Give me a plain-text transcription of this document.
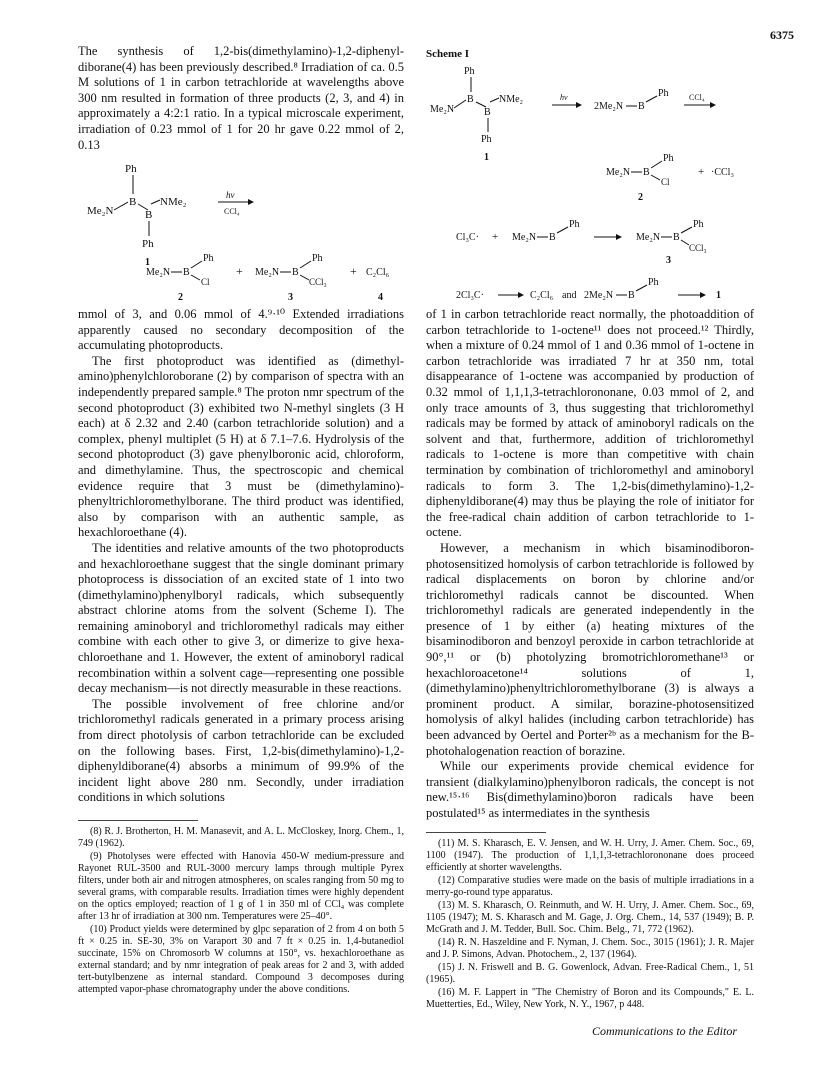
6375

The synthesis of 1,2-bis(dimethylamino)-1,2-diphenyldiborane(4) has been previously described.⁸ Irradiation of ca. 0.5 M solutions of 1 in carbon tetrachloride at wavelengths above 300 nm resulted in formation of three products (2, 3, and 4) in approximately a 4:2:1 ratio. In a typical microscale experiment, irradiation of 0.23 mmol of 1 for 20 hr gave 0.22 mmol of 2, 0.13

Ph
B NMe₂
Me₂N	B
Ph
1
hν
CCl₄
Me₂N B
Ph
Cl
2
+ Me₂N B
Ph
CCl₃
3
+ C₂Cl₆
4

mmol of 3, and 0.06 mmol of 4.⁹·¹⁰ Extended irradiations apparently caused no secondary decomposition of the accumulating photoproducts.

The first photoproduct was identified as (dimethylamino)phenylchloroborane (2) by comparison of spectra with an independently prepared sample.⁸ The proton nmr spectrum of the second photoproduct (3) exhibited two N-methyl singlets (3 H each) at δ 2.32 and 2.40 (carbon tetrachloride solution) and a complex, phenyl multiplet (5 H) at δ 7.1–7.6. Hydrolysis of the second photoproduct (3) gave phenylboronic acid, chloroform, and dimethylamine. Thus, the spectroscopic and chemical evidence require that 3 must be (dimethylamino)phenyltrichloromethylborane. The third product was identified, also by comparison with an authentic sample, as hexachloroethane (4).

The identities and relative amounts of the two photoproducts and hexachloroethane suggest that the single dominant primary photoprocess is dissociation of an excited state of 1 into two (dimethylamino)phenylboryl radicals, which subsequently abstract chlorine atoms from the solvent (Scheme I). The remaining aminoboryl and trichloromethyl radicals may either combine with each other to give 3, or dimerize to give hexachloroethane and 1. However, the extent of aminoboryl radical recombination within a solvent cage—representing one possible decay mechanism—is not directly measurable in these reactions.

The possible involvement of free chlorine and/or trichloromethyl radicals generated in a primary process arising from direct photolysis of carbon tetrachloride can be excluded on the following bases. First, 1,2-bis(dimethylamino)-1,2-diphenyldiborane(4) absorbs a minimum of 99.9% of the incident light above 280 nm. Secondly, under irradiation conditions in which solutions

Scheme I
Ph
B	NMe₂
Me₂N	B
Ph
1
hν
2Me₂N B
Ph	CCl₄
Me₂N B
Ph
Cl
2
+ ·CCl₃
Cl₃C· + Me₂N B
Ph
Me₂N B
Ph
CCl₃
3
2Cl₃C·	C₂Cl₆ and 2Me₂N B
Ph
1

of 1 in carbon tetrachloride react normally, the photoaddition of carbon tetrachloride to 1-octene¹¹ does not proceed.¹² Thirdly, when a mixture of 0.24 mmol of 1 and 0.36 mmol of 1-octene in carbon tetrachloride was irradiated 7 hr at 350 nm, total disappearance of 1-octene was accompanied by production of 0.32 mmol of 1,1,1,3-tetrachlorononane, 0.03 mmol of 2, and only trace amounts of 3, thus suggesting that trichloromethyl radicals may be formed by attack of aminoboryl radicals on the solvent and that, furthermore, addition of trichloromethyl radicals to 1-octene is more than competitive with chain termination by combination of trichloromethyl and aminoboryl radicals to form 3. The 1,2-bis(dimethylamino)-1,2-diphenyldiborane(4) may thus be playing the role of initiator for the free-radical chain addition of carbon tetrachloride to 1-octene.

However, a mechanism in which bisaminodiboron-photosensitized homolysis of carbon tetrachloride is followed by radical displacements on boron by chlorine and/or trichloromethyl radicals cannot be discounted. When trichloromethyl radicals are generated independently in the presence of 1 by either (a) heating mixtures of the bisaminodiboron and benzoyl peroxide in carbon tetrachloride at 90°,¹¹ or (b) photolyzing bromotrichloromethane¹³ or hexachloroacetone¹⁴ solutions of 1, (dimethylamino)phenyltrichloromethylborane (3) is always a prominent product. A similar, borazine-photosensitized homolysis of alkyl halides (including carbon tetrachloride) has been advanced by Oertel and Porter²ᵇ as a mechanism for the B-photohalogenation reaction of borazine.

While our experiments provide chemical evidence for transient (dialkylamino)phenylboron radicals, the concept is not new.¹⁵·¹⁶ Bis(dimethylamino)boron radicals have been postulated¹⁵ as intermediates in the synthesis

(8) R. J. Brotherton, H. M. Manasevit, and A. L. McCloskey, Inorg. Chem., 1, 749 (1962).

(9) Photolyses were effected with Hanovia 450-W medium-pressure and Rayonet RUL-3500 and RUL-3000 mercury lamps through multiple Pyrex filters, under both air and nitrogen atmospheres, on scales ranging from 50 mg to several grams, with comparable results. Irradiation times were highly dependent on the optics employed; reaction of 1 g of 1 in 350 ml of CCl₄ was complete after 13 hr of irradiation at 300 nm. Temperatures were 25–40°.

(10) Product yields were determined by glpc separation of 2 from 4 on both 5 ft × 0.25 in. SE-30, 3% on Varaport 30 and 7 ft × 0.25 in. 1,4-butanediol succinate, 15% on Chromosorb W columns at 150°, vs. hexachloroethane as external standard; and by nmr integration of peak areas for 2 and 3, with added tert-butylbenzene as internal standard. Compound 3 decomposes during attempted vapor-phase chromatography under the above conditions.

(11) M. S. Kharasch, E. V. Jensen, and W. H. Urry, J. Amer. Chem. Soc., 69, 1100 (1947). The production of 1,1,1,3-tetrachlorononane does proceed efficiently at shorter wavelengths.

(12) Comparative studies were made on the basis of multiple irradiations in a merry-go-round type apparatus.

(13) M. S. Kharasch, O. Reinmuth, and W. H. Urry, J. Amer. Chem. Soc., 69, 1105 (1947); M. S. Kharasch and M. Gage, J. Org. Chem., 14, 537 (1949); B. P. McGrath and J. M. Tedder, Bull. Soc. Chim. Belg., 71, 772 (1962).

(14) R. N. Haszeldine and F. Nyman, J. Chem. Soc., 3015 (1961); J. R. Majer and J. P. Simons, Advan. Photochem., 2, 137 (1964).

(15) J. N. Friswell and B. G. Gowenlock, Advan. Free-Radical Chem., 1, 51 (1965).

(16) M. F. Lappert in "The Chemistry of Boron and its Compounds," E. L. Muetterties, Ed., Wiley, New York, N. Y., 1967, p 448.

Communications to the Editor
